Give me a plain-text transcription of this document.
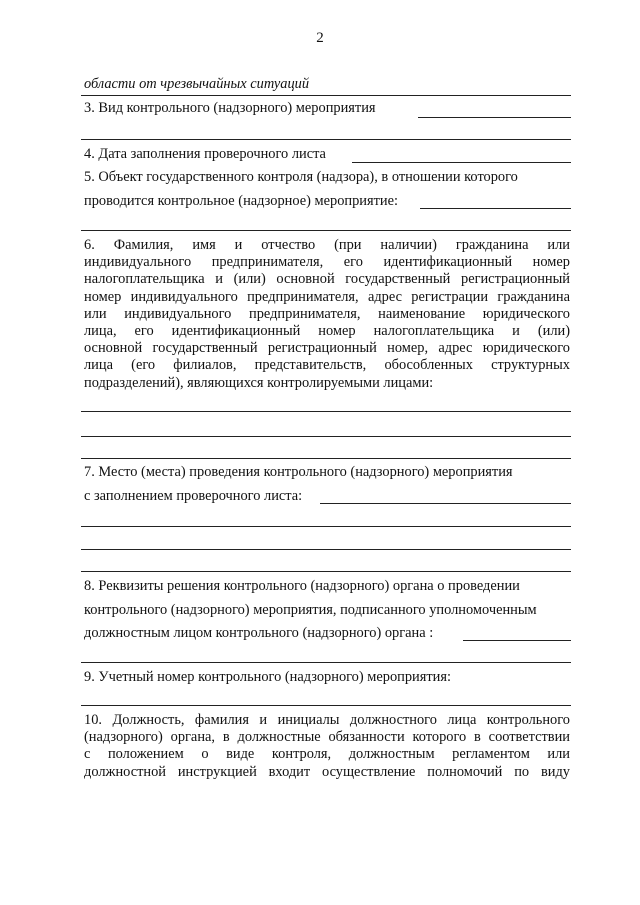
2
области от чрезвычайных ситуаций
3. Вид контрольного (надзорного) мероприятия
4. Дата заполнения проверочного листа
5. Объект государственного контроля (надзора), в отношении которого
проводится контрольное (надзорное) мероприятие:
6. Фамилия, имя и отчество (при наличии) гражданина или
индивидуального предпринимателя, его идентификационный номер
налогоплательщика и (или) основной государственный регистрационный
номер индивидуального предпринимателя, адрес регистрации гражданина
или индивидуального предпринимателя, наименование юридического
лица, его идентификационный номер налогоплательщика и (или)
основной государственный регистрационный номер, адрес юридического
лица (его филиалов, представительств, обособленных структурных
подразделений), являющихся контролируемыми лицами:
7. Место (места) проведения контрольного (надзорного) мероприятия
с заполнением проверочного листа:
8. Реквизиты решения контрольного (надзорного) органа о проведении
контрольного (надзорного) мероприятия, подписанного уполномоченным
должностным лицом контрольного (надзорного) органа :
9. Учетный номер контрольного (надзорного) мероприятия:
10. Должность, фамилия и инициалы должностного лица контрольного
(надзорного) органа, в должностные обязанности которого в соответствии
с положением о виде контроля, должностным регламентом или
должностной инструкцией входит осуществление полномочий по виду
